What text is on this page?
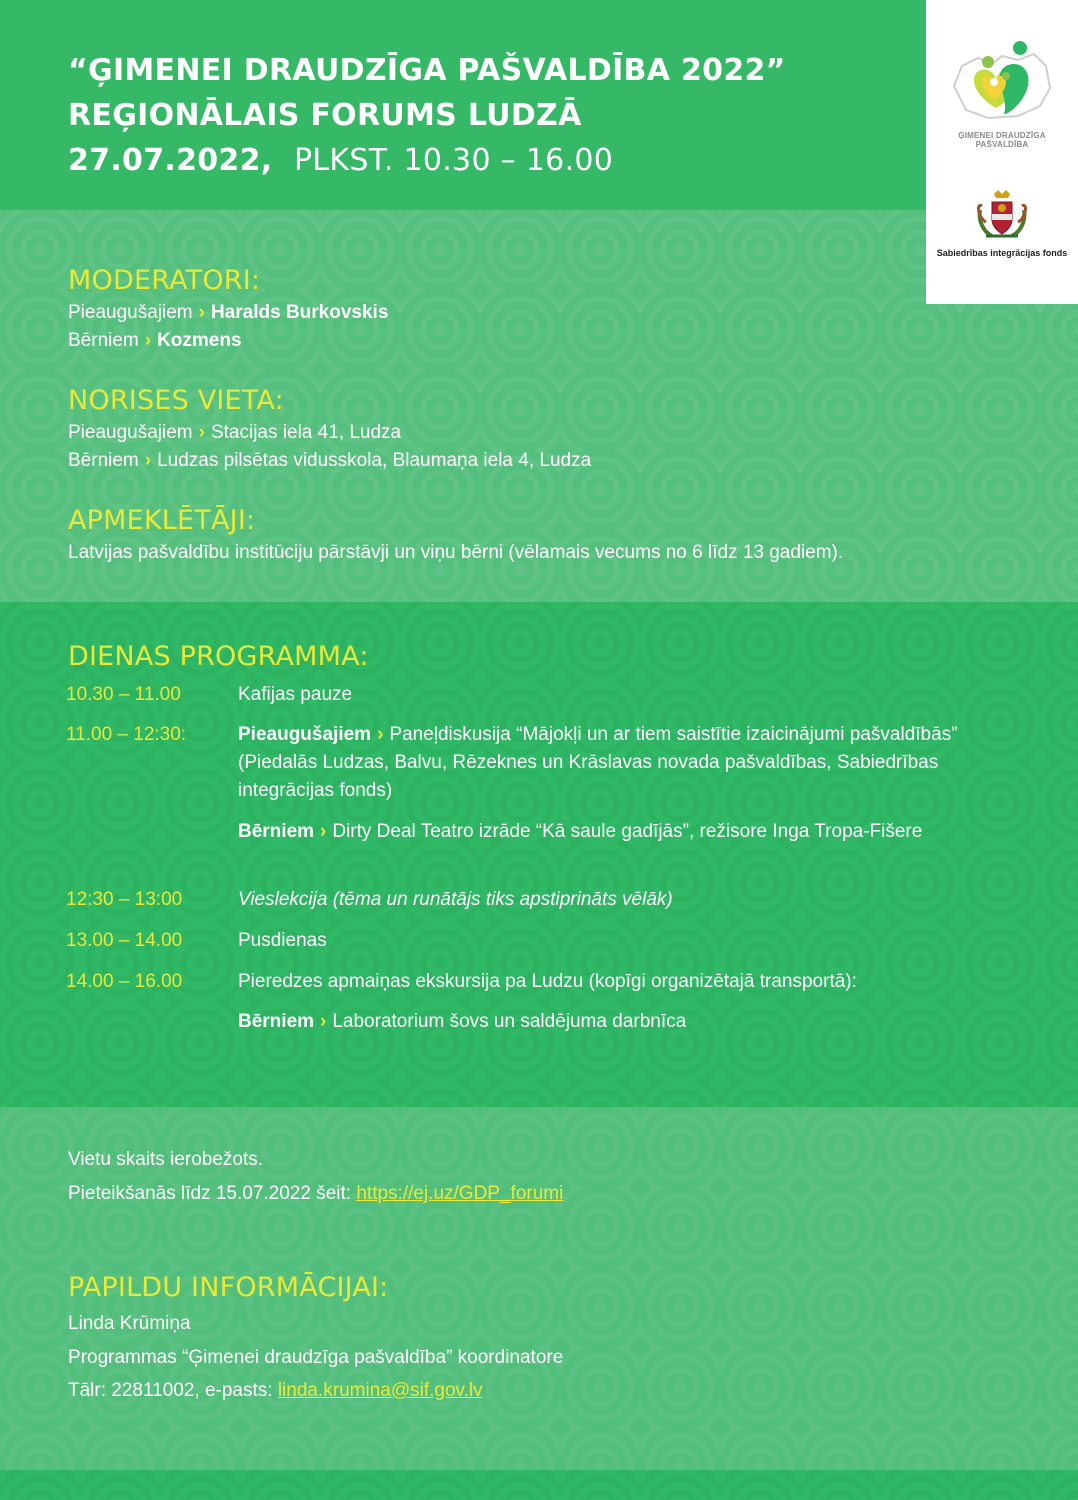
“ĢIMENEI DRAUDZĪGA PAŠVALDĪBA 2022”
REĢIONĀLAIS FORUMS LUDZĀ
27.07.2022, PLKST. 10.30 – 16.00
ĢIMENEI DRAUDZĪGA PAŠVALDĪBA
Sabiedrības integrācijas fonds
MODERATORI:

Pieaugušajiem › Haralds Burkovskis

Bērniem › Kozmens

NORISES VIETA:

Pieaugušajiem › Stacijas iela 41, Ludza

Bērniem › Ludzas pilsētas vidusskola, Blaumaņa iela 4, Ludza

APMEKLĒTĀJI:

Latvijas pašvaldību institūciju pārstāvji un viņu bērni (vēlamais vecums no 6 līdz 13 gadiem).

DIENAS PROGRAMMA:
10.30 – 11.00	Kafijas pauze
11.00 – 12:30:	Pieaugušajiem › Paneļdiskusija “Mājokļi un ar tiem saistītie izaicinājumi pašvaldībās” (Piedalās Ludzas, Balvu, Rēzeknes un Krāslavas novada pašvaldības, Sabiedrības integrācijas fonds)
Bērniem › Dirty Deal Teatro izrāde “Kā saule gadījās”, režisore Inga Tropa-Fišere
12:30 – 13:00	Vieslekcija (tēma un runātājs tiks apstiprināts vēlāk)
13.00 – 14.00	Pusdienas
14.00 – 16.00	Pieredzes apmaiņas ekskursija pa Ludzu (kopīgi organizētajā transportā):
Bērniem › Laboratorium šovs un saldējuma darbnīca

Vietu skaits ierobežots.

Pieteikšanās līdz 15.07.2022 šeit: https://ej.uz/GDP_forumi

PAPILDU INFORMĀCIJAI:

Linda Krūmiņa

Programmas “Ģimenei draudzīga pašvaldība” koordinatore

Tālr: 22811002, e-pasts: linda.krumina@sif.gov.lv
